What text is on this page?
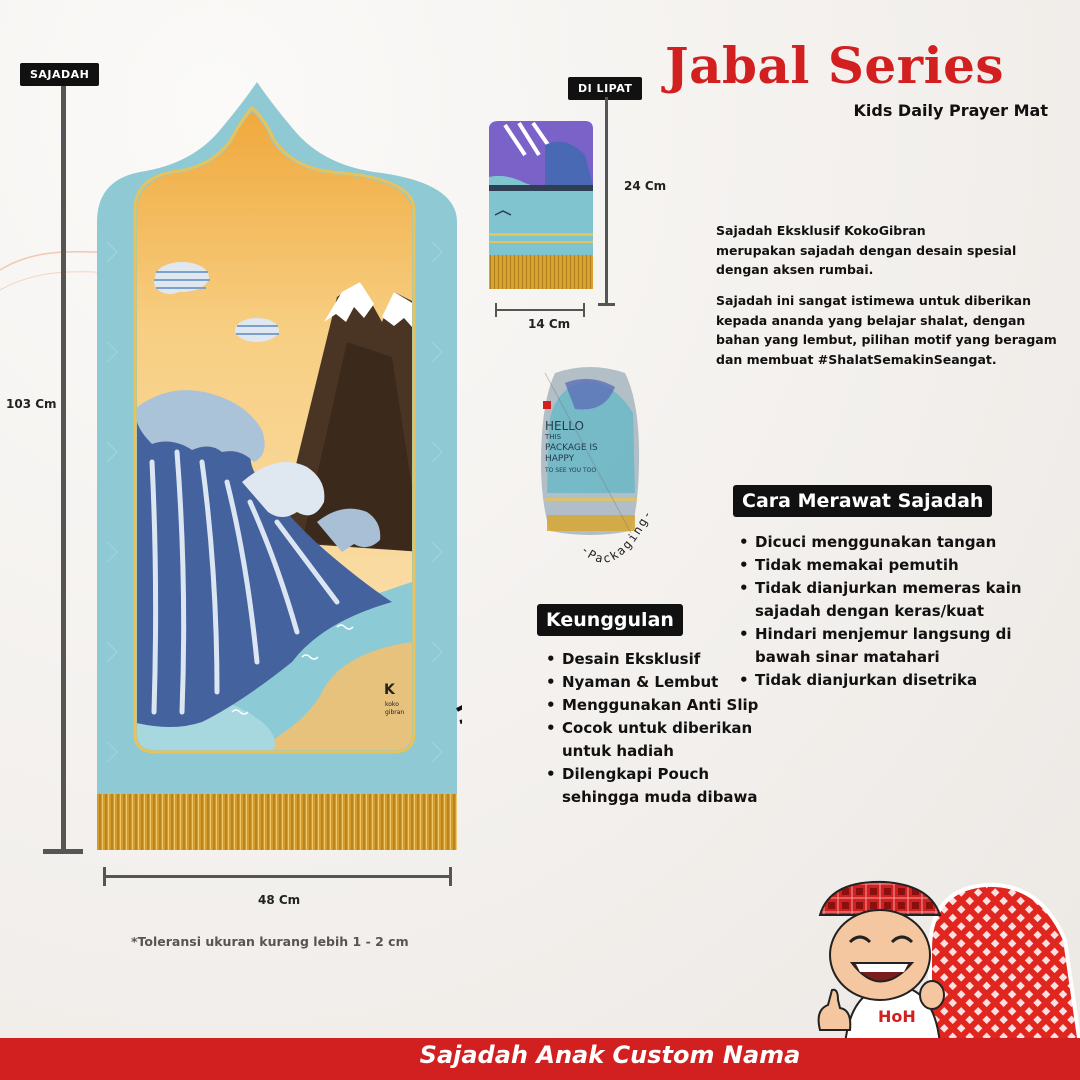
SAJADAH
103 Cm
K
koko
gibran
48 Cm
*Toleransi ukuran kurang lebih 1 - 2 cm
Jabal Series
Kids Daily Prayer Mat
DI LIPAT
24 Cm
14 Cm
HELLO
THIS
PACKAGE IS
HAPPY
TO SEE YOU TOO
-Packaging-
Sajadah Eksklusif KokoGibran
merupakan sajadah dengan desain spesial
dengan aksen rumbai.
Sajadah ini sangat istimewa untuk diberikan
kepada ananda yang belajar shalat, dengan
bahan yang lembut, pilihan motif yang beragam
dan membuat #ShalatSemakinSeangat.
Cara Merawat Sajadah
• Dicuci menggunakan tangan
• Tidak memakai pemutih
• Tidak dianjurkan memeras kain
sajadah dengan keras/kuat
• Hindari menjemur langsung di
bawah sinar matahari
• Tidak dianjurkan disetrika
Keunggulan
• Desain Eksklusif
• Nyaman & Lembut
• Menggunakan Anti Slip
• Cocok untuk diberikan
untuk hadiah
• Dilengkapi Pouch
sehingga muda dibawa
HoH
Sajadah Anak Custom Nama
